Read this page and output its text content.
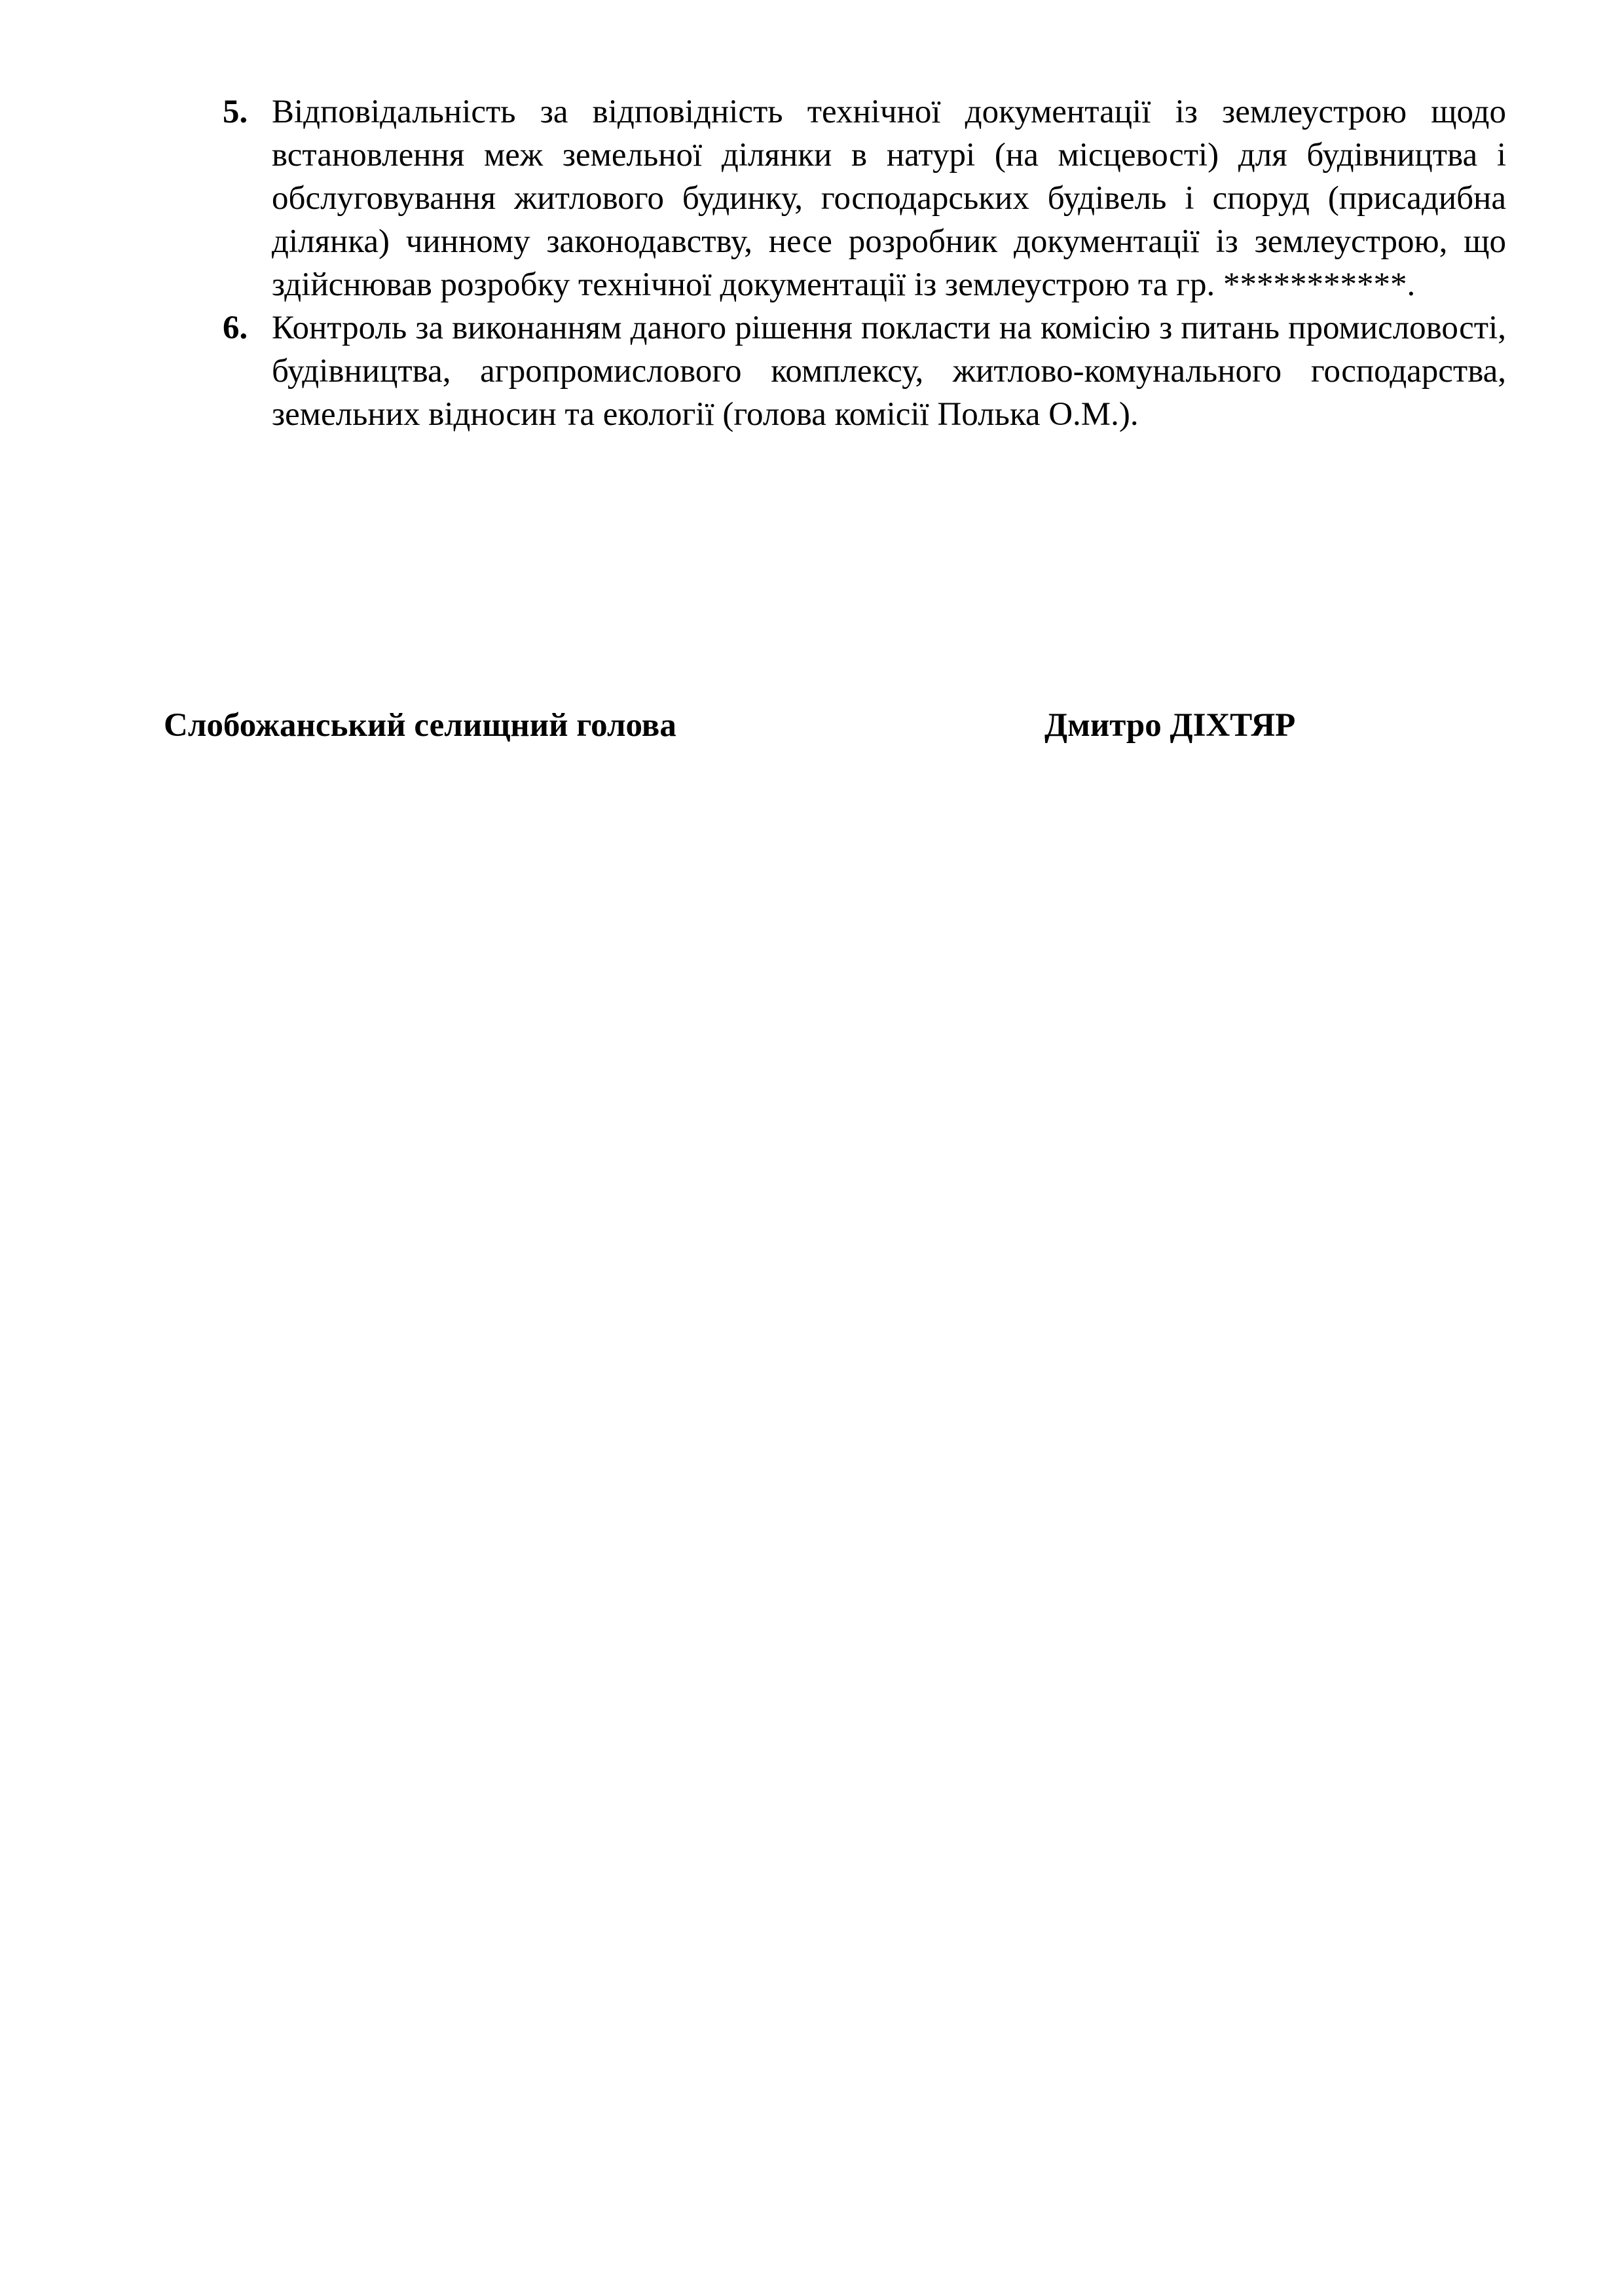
5. Відповідальність за відповідність технічної документації із землеустрою щодо встановлення меж земельної ділянки в натурі (на місцевості) для будівництва і обслуговування житлового будинку, господарських будівель і споруд (присадибна ділянка) чинному законодавству, несе розробник документації із землеустрою, що здійснював розробку технічної документації із землеустрою та гр. ***********.
6. Контроль за виконанням даного рішення покласти на комісію з питань промисловості, будівництва, агропромислового комплексу, житлово-комунального господарства, земельних відносин та екології (голова комісії Полька О.М.).
Слобожанський селищний голова	Дмитро ДІХТЯР
